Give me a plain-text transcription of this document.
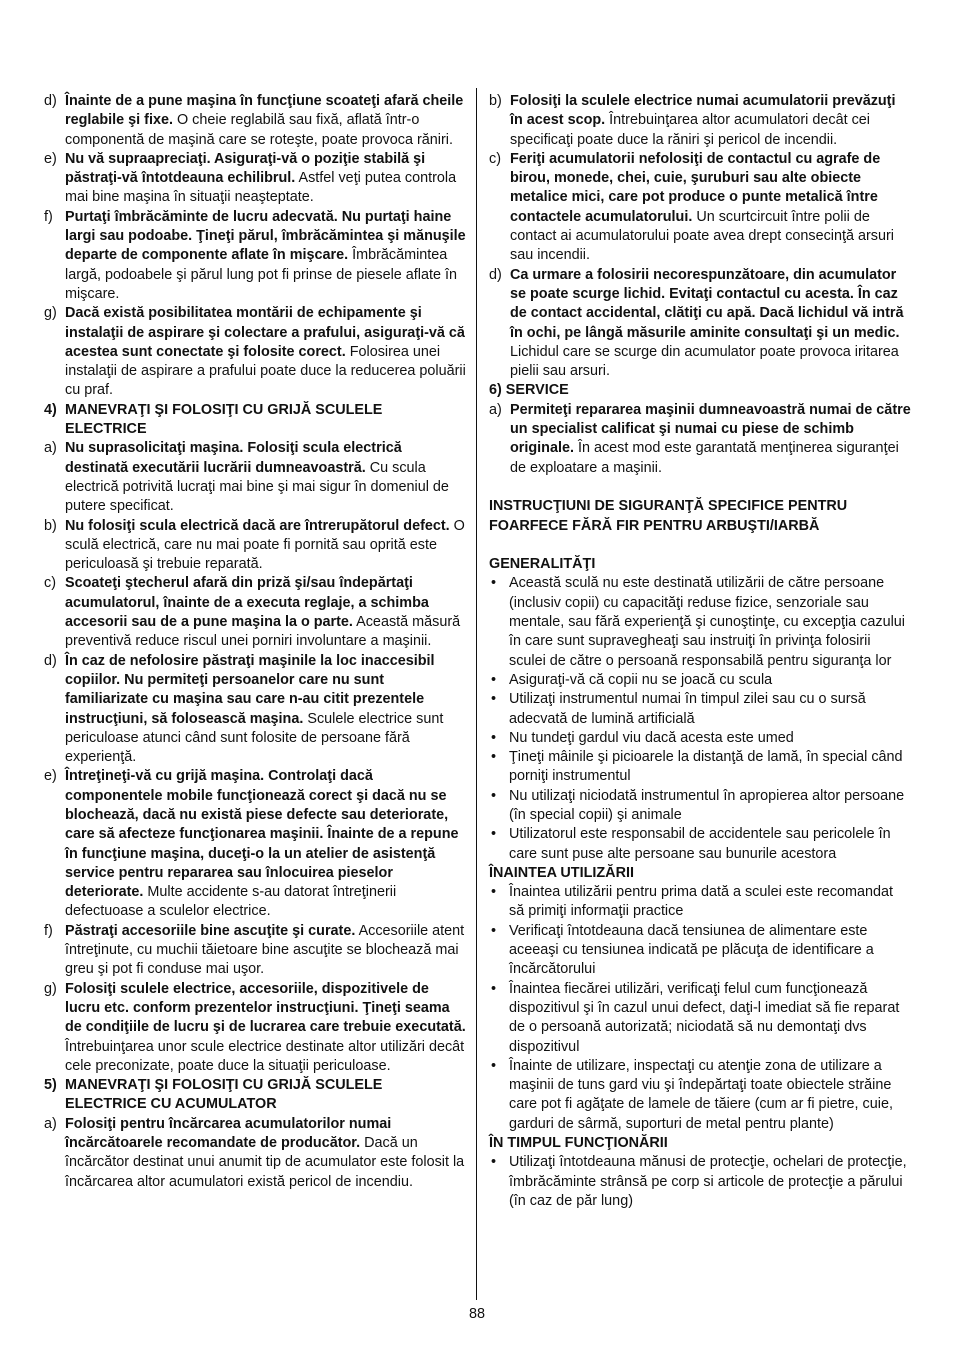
d) Înainte de a pune maşina în funcţiune scoateţi afară cheile reglabile şi fixe. O cheie reglabilă sau fixă, aflată într-o componentă de maşină care se roteşte, poate provoca răniri.
e) Nu vă supraapreciaţi. Asiguraţi-vă o poziţie stabilă şi păstraţi-vă întotdeauna echilibrul. Astfel veţi putea controla mai bine maşina în situaţii neaşteptate.
f) Purtaţi îmbrăcăminte de lucru adecvată. Nu purtaţi haine largi sau podoabe. Ţineţi părul, îmbrăcămintea şi mănuşile departe de componente aflate în mişcare. Îmbrăcămintea largă, podoabele şi părul lung pot fi prinse de piesele aflate în mişcare.
g) Dacă există posibilitatea montării de echipamente şi instalaţii de aspirare şi colectare a prafului, asiguraţi-vă că acestea sunt conectate şi folosite corect. Folosirea unei instalaţii de aspirare a prafului poate duce la reducerea poluării cu praf.
4) MANEVRAŢI ŞI FOLOSIŢI CU GRIJĂ SCULELE ELECTRICE
a) Nu suprasolicitaţi maşina. Folosiţi scula electrică destinată executării lucrării dumneavoastră. Cu scula electrică potrivită lucraţi mai bine şi mai sigur în domeniul de putere specificat.
b) Nu folosiţi scula electrică dacă are întrerupătorul defect. O sculă electrică, care nu mai poate fi pornită sau oprită este periculoasă şi trebuie reparată.
c) Scoateţi ştecherul afară din priză şi/sau îndepărtaţi acumulatorul, înainte de a executa reglaje, a schimba accesorii sau de a pune maşina la o parte. Această măsură preventivă reduce riscul unei porniri involuntare a maşinii.
d) În caz de nefolosire păstraţi maşinile la loc inaccesibil copiilor. Nu permiteţi persoanelor care nu sunt familiarizate cu maşina sau care n-au citit prezentele instrucţiuni, să folosească maşina. Sculele electrice sunt periculoase atunci când sunt folosite de persoane fără experienţă.
e) Întreţineţi-vă cu grijă maşina. Controlaţi dacă componentele mobile funcţionează corect şi dacă nu se blochează, dacă nu există piese defecte sau deteriorate, care să afecteze funcţionarea maşinii. Înainte de a repune în funcţiune maşina, duceţi-o la un atelier de asistenţă service pentru repararea sau înlocuirea pieselor deteriorate. Multe accidente s-au datorat întreţinerii defectuoase a sculelor electrice.
f) Păstraţi accesoriile bine ascuţite şi curate. Accesoriile atent întreţinute, cu muchii tăietoare bine ascuţite se blochează mai greu şi pot fi conduse mai uşor.
g) Folosiţi sculele electrice, accesoriile, dispozitivele de lucru etc. conform prezentelor instrucţiuni. Ţineţi seama de condiţiile de lucru şi de lucrarea care trebuie executată. Întrebuinţarea unor scule electrice destinate altor utilizări decât cele preconizate, poate duce la situaţii periculoase.
5) MANEVRAŢI ŞI FOLOSIŢI CU GRIJĂ SCULELE ELECTRICE CU ACUMULATOR
a) Folosiţi pentru încărcarea acumulatorilor numai încărcătoarele recomandate de producător. Dacă un încărcător destinat unui anumit tip de acumulator este folosit la încărcarea altor acumulatori există pericol de incendiu.
b) Folosiţi la sculele electrice numai acumulatorii prevăzuţi în acest scop. Întrebuinţarea altor acumulatori decât cei specificaţi poate duce la răniri şi pericol de incendii.
c) Feriţi acumulatorii nefolosiţi de contactul cu agrafe de birou, monede, chei, cuie, şuruburi sau alte obiecte metalice mici, care pot produce o punte metalică între contactele acumulatorului. Un scurtcircuit între polii de contact ai acumulatorului poate avea drept consecinţă arsuri sau incendii.
d) Ca urmare a folosirii necorespunzătoare, din acumulator se poate scurge lichid. Evitaţi contactul cu acesta. În caz de contact accidental, clătiţi cu apă. Dacă lichidul vă intră în ochi, pe lângă măsurile aminite consultaţi şi un medic. Lichidul care se scurge din acumulator poate provoca iritarea pielii sau arsuri.
6) SERVICE
a) Permiteţi repararea maşinii dumneavoastră numai de către un specialist calificat şi numai cu piese de schimb originale. În acest mod este garantată menţinerea siguranţei de exploatare a maşinii.
INSTRUCŢIUNI DE SIGURANŢĂ SPECIFICE PENTRU FOARFECE FĂRĂ FIR PENTRU ARBUŞTI/IARBĂ
GENERALITĂŢI
• Această sculă nu este destinată utilizării de către persoane (inclusiv copii) cu capacităţi reduse fizice, senzoriale sau mentale, sau fără experienţă şi cunoştinţe, cu excepţia cazului în care sunt supravegheaţi sau instruiţi în privinţa folosirii sculei de către o persoană responsabilă pentru siguranţa lor
• Asiguraţi-vă că copii nu se joacă cu scula
• Utilizaţi instrumentul numai în timpul zilei sau cu o sursă adecvată de lumină artificială
• Nu tundeţi gardul viu dacă acesta este umed
• Ţineţi mâinile şi picioarele la distanţă de lamă, în special când porniţi instrumentul
• Nu utilizaţi niciodată instrumentul în apropierea altor persoane (în special copii) şi animale
• Utilizatorul este responsabil de accidentele sau pericolele în care sunt puse alte persoane sau bunurile acestora
ÎNAINTEA UTILIZĂRII
• Înaintea utilizării pentru prima dată a sculei este recomandat să primiţi informaţii practice
• Verificaţi întotdeauna dacă tensiunea de alimentare este aceeaşi cu tensiunea indicată pe plăcuţa de identificare a încărcătorului
• Înaintea fiecărei utilizări, verificaţi felul cum funcţionează dispozitivul şi în cazul unui defect, daţi-l imediat să fie reparat de o persoană autorizată; niciodată să nu demontaţi dvs dispozitivul
• Înainte de utilizare, inspectaţi cu atenţie zona de utilizare a maşinii de tuns gard viu şi îndepărtaţi toate obiectele străine care pot fi agăţate de lamele de tăiere (cum ar fi pietre, cuie, garduri de sârmă, suporturi de metal pentru plante)
ÎN TIMPUL FUNCŢIONĂRII
• Utilizaţi întotdeauna mănusi de protecţie, ochelari de protecţie, îmbrăcăminte strânsă pe corp si articole de protecţie a părului (în caz de păr lung)
88
